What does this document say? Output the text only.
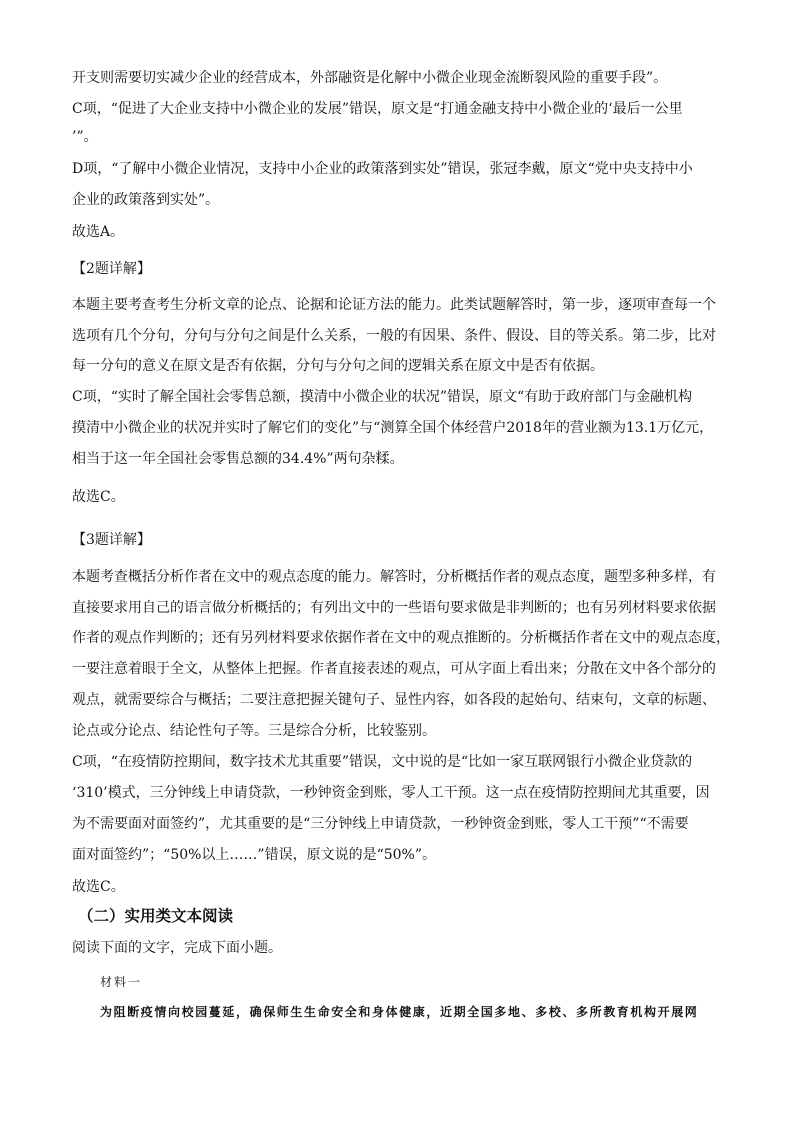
开支则需要切实减少企业的经营成本，外部融资是化解中小微企业现金流断裂风险的重要手段”。
C项，“促进了大企业支持中小微企业的发展”错误，原文是“打通金融支持中小微企业的‘最后一公里
’”。
D项，“了解中小微企业情况，支持中小企业的政策落到实处”错误，张冠李戴，原文“党中央支持中小
企业的政策落到实处”。
故选A。
【2题详解】
本题主要考查考生分析文章的论点、论据和论证方法的能力。此类试题解答时，第一步，逐项审查每一个
选项有几个分句，分句与分句之间是什么关系，一般的有因果、条件、假设、目的等关系。第二步，比对
每一分句的意义在原文是否有依据，分句与分句之间的逻辑关系在原文中是否有依据。
C项，“实时了解全国社会零售总额，摸清中小微企业的状况”错误，原文“有助于政府部门与金融机构
摸清中小微企业的状况并实时了解它们的变化”与“测算全国个体经营户2018年的营业额为13.1万亿元，
相当于这一年全国社会零售总额的34.4%”两句杂糅。
故选C。
【3题详解】
本题考查概括分析作者在文中的观点态度的能力。解答时，分析概括作者的观点态度，题型多种多样，有
直接要求用自己的语言做分析概括的；有列出文中的一些语句要求做是非判断的；也有另列材料要求依据
作者的观点作判断的；还有另列材料要求依据作者在文中的观点推断的。分析概括作者在文中的观点态度，
一要注意着眼于全文，从整体上把握。作者直接表述的观点，可从字面上看出来；分散在文中各个部分的
观点，就需要综合与概括；二要注意把握关键句子、显性内容，如各段的起始句、结束句，文章的标题、
论点或分论点、结论性句子等。三是综合分析，比较鉴别。
C项，“在疫情防控期间，数字技术尤其重要”错误，文中说的是“比如一家互联网银行小微企业贷款的
‘310’模式，三分钟线上申请贷款，一秒钟资金到账，零人工干预。这一点在疫情防控期间尤其重要，因
为不需要面对面签约”，尤其重要的是“三分钟线上申请贷款，一秒钟资金到账，零人工干预”“不需要
面对面签约”；“50%以上……”错误，原文说的是“50%”。
故选C。
（二）实用类文本阅读
阅读下面的文字，完成下面小题。
材料一
为阻断疫情向校园蔓延，确保师生生命安全和身体健康，近期全国多地、多校、多所教育机构开展网
